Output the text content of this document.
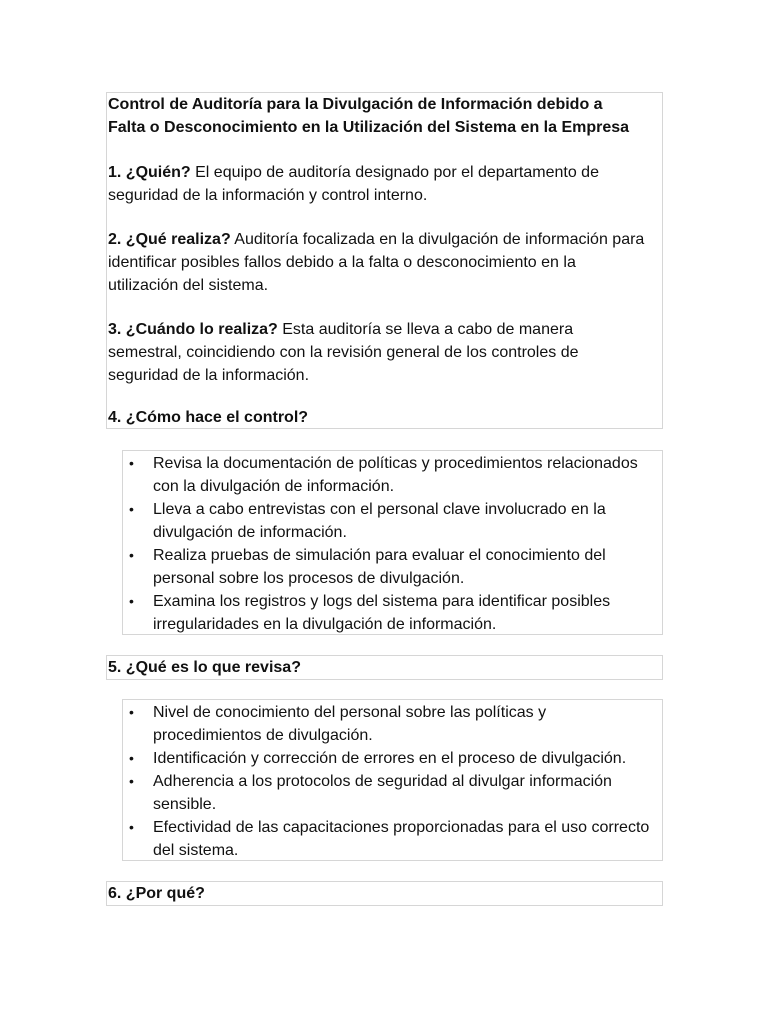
Control de Auditoría para la Divulgación de Información debido a
Falta o Desconocimiento en la Utilización del Sistema en la Empresa

1. ¿Quién? El equipo de auditoría designado por el departamento de seguridad de la información y control interno.

2. ¿Qué realiza? Auditoría focalizada en la divulgación de información para identificar posibles fallos debido a la falta o desconocimiento en la utilización del sistema.

3. ¿Cuándo lo realiza? Esta auditoría se lleva a cabo de manera semestral, coincidiendo con la revisión general de los controles de seguridad de la información.

4. ¿Cómo hace el control?

• Revisa la documentación de políticas y procedimientos relacionados con la divulgación de información.
• Lleva a cabo entrevistas con el personal clave involucrado en la divulgación de información.
• Realiza pruebas de simulación para evaluar el conocimiento del personal sobre los procesos de divulgación.
• Examina los registros y logs del sistema para identificar posibles irregularidades en la divulgación de información.

5. ¿Qué es lo que revisa?

• Nivel de conocimiento del personal sobre las políticas y procedimientos de divulgación.
• Identificación y corrección de errores en el proceso de divulgación.
• Adherencia a los protocolos de seguridad al divulgar información sensible.
• Efectividad de las capacitaciones proporcionadas para el uso correcto del sistema.

6. ¿Por qué?
